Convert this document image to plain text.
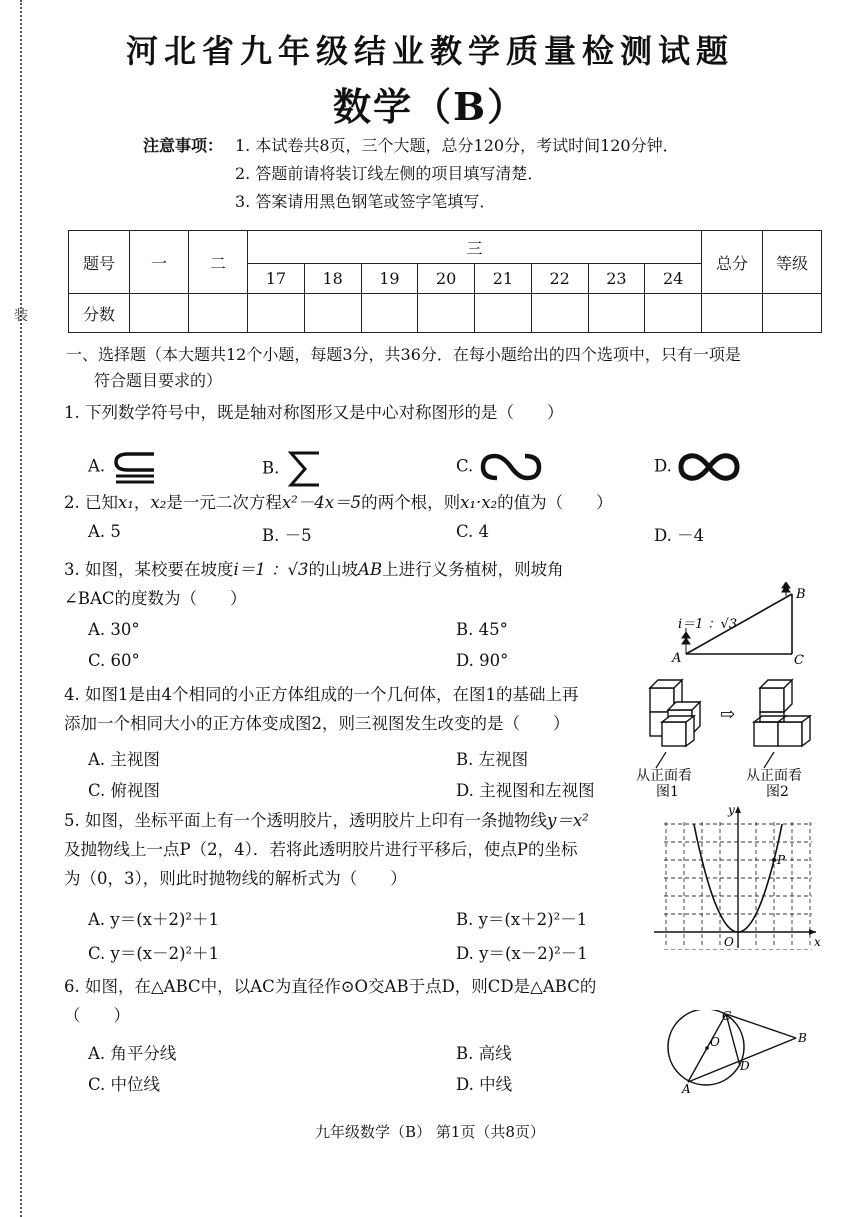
装
河北省九年级结业教学质量检测试题
数学（B）
注意事项： 1. 本试卷共8页，三个大题，总分120分，考试时间120分钟．
2. 答题前请将装订线左侧的项目填写清楚．
3. 答案请用黑色钢笔或签字笔填写．
题号	一	二	三								总分	等级
			17	18	19	20	21	22	23	24		
分数												
一、选择题（本大题共12个小题，每题3分，共36分．在每小题给出的四个选项中，只有一项是
符合题目要求的）
1. 下列数学符号中，既是轴对称图形又是中心对称图形的是（　　）
A.	B.	C.	D.
2. 已知x₁，x₂是一元二次方程x²－4x＝5的两个根，则x₁·x₂的值为（　　）
A. 5	B. －5	C. 4	D. －4
3. 如图，某校要在坡度i＝1 ：√3的山坡AB上进行义务植树，则坡角
∠BAC的度数为（　　）
A. 30°	B. 45°
C. 60°	D. 90°
i＝1 ：√3
A
B
C
4. 如图1是由4个相同的小正方体组成的一个几何体，在图1的基础上再
添加一个相同大小的正方体变成图2，则三视图发生改变的是（　　）
A. 主视图	B. 左视图
C. 俯视图	D. 主视图和左视图
⇨
从正面看
图1
从正面看
图2
5. 如图，坐标平面上有一个透明胶片，透明胶片上印有一条抛物线y＝x²
及抛物线上一点P（2，4）．若将此透明胶片进行平移后，使点P的坐标
为（0，3），则此时抛物线的解析式为（　　）
A. y＝(x＋2)²＋1	B. y＝(x＋2)²－1
C. y＝(x－2)²＋1	D. y＝(x－2)²－1
y
x
O
P
6. 如图，在△ABC中，以AC为直径作⊙O交AB于点D，则CD是△ABC的
（　　）
A. 角平分线	B. 高线
C. 中位线	D. 中线
C
O	B
D
A
九年级数学（B） 第1页（共8页）
